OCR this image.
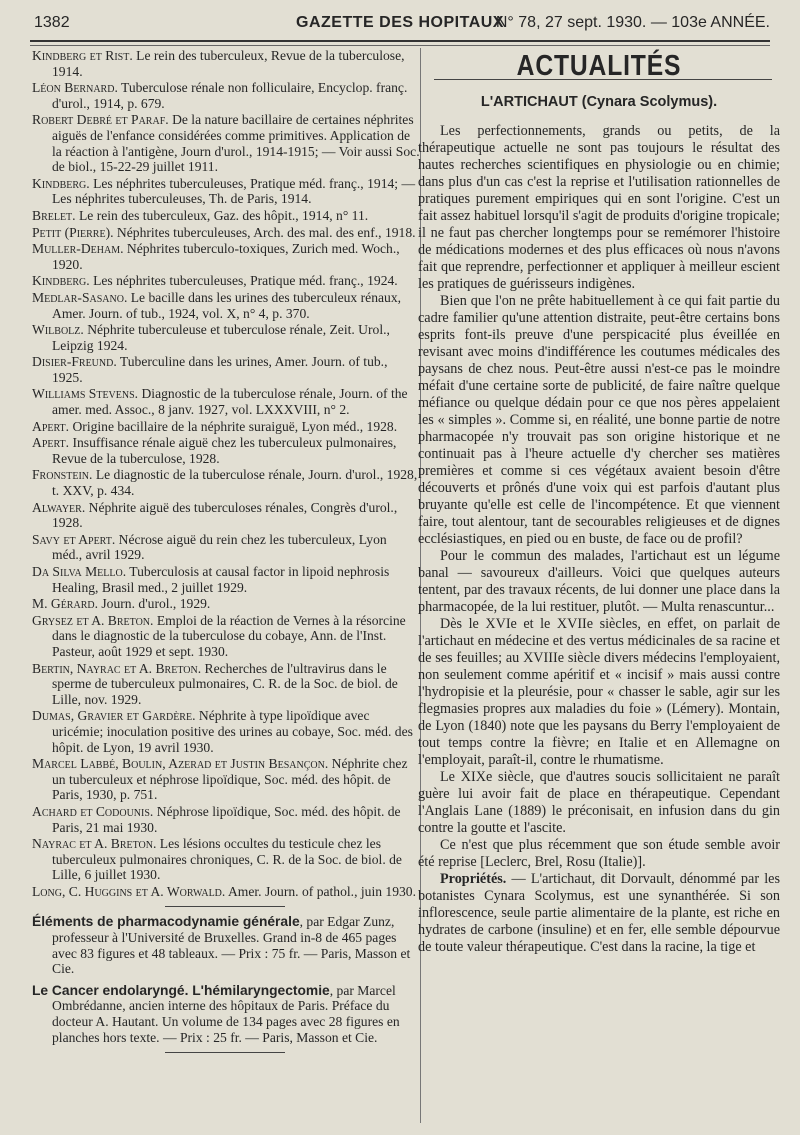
1382	GAZETTE DES HOPITAUX
N° 78, 27 sept. 1930. — 103e ANNÉE.
Kindberg et Rist. Le rein des tuberculeux, Revue de la tuberculose, 1914.
Léon Bernard. Tuberculose rénale non folliculaire, Encyclop. franç. d'urol., 1914, p. 679.
Robert Debré et Paraf. De la nature bacillaire de certaines néphrites aiguës de l'enfance considérées comme primitives. Application de la réaction à l'antigène, Journ d'urol., 1914-1915; — Voir aussi Soc. de biol., 15-22-29 juillet 1911.
Kindberg. Les néphrites tuberculeuses, Pratique méd. franç., 1914; — Les néphrites tuberculeuses, Th. de Paris, 1914.
Brelet. Le rein des tuberculeux, Gaz. des hôpit., 1914, n° 11.
Petit (Pierre). Néphrites tuberculeuses, Arch. des mal. des enf., 1918.
Muller-Deham. Néphrites tuberculo-toxiques, Zurich med. Woch., 1920.
Kindberg. Les néphrites tuberculeuses, Pratique méd. franç., 1924.
Medlar-Sasano. Le bacille dans les urines des tuberculeux rénaux, Amer. Journ. of tub., 1924, vol. X, n° 4, p. 370.
Wilbolz. Néphrite tuberculeuse et tuberculose rénale, Zeit. Urol., Leipzig 1924.
Disier-Freund. Tuberculine dans les urines, Amer. Journ. of tub., 1925.
Williams Stevens. Diagnostic de la tuberculose rénale, Journ. of the amer. med. Assoc., 8 janv. 1927, vol. LXXXVIII, n° 2.
Apert. Origine bacillaire de la néphrite suraiguë, Lyon méd., 1928.
Apert. Insuffisance rénale aiguë chez les tuberculeux pulmonaires, Revue de la tuberculose, 1928.
Fronstein. Le diagnostic de la tuberculose rénale, Journ. d'urol., 1928, t. XXV, p. 434.
Alwayer. Néphrite aiguë des tuberculoses rénales, Congrès d'urol., 1928.
Savy et Apert. Nécrose aiguë du rein chez les tuberculeux, Lyon méd., avril 1929.
Da Silva Mello. Tuberculosis at causal factor in lipoid nephrosis Healing, Brasil med., 2 juillet 1929.
M. Gérard. Journ. d'urol., 1929.
Grysez et A. Breton. Emploi de la réaction de Vernes à la résorcine dans le diagnostic de la tuberculose du cobaye, Ann. de l'Inst. Pasteur, août 1929 et sept. 1930.
Bertin, Nayrac et A. Breton. Recherches de l'ultravirus dans le sperme de tuberculeux pulmonaires, C. R. de la Soc. de biol. de Lille, nov. 1929.
Dumas, Gravier et Gardère. Néphrite à type lipoïdique avec uricémie; inoculation positive des urines au cobaye, Soc. méd. des hôpit. de Lyon, 19 avril 1930.
Marcel Labbé, Boulin, Azerad et Justin Besançon. Néphrite chez un tuberculeux et néphrose lipoïdique, Soc. méd. des hôpit. de Paris, 1930, p. 751.
Achard et Codounis. Néphrose lipoïdique, Soc. méd. des hôpit. de Paris, 21 mai 1930.
Nayrac et A. Breton. Les lésions occultes du testicule chez les tuberculeux pulmonaires chroniques, C. R. de la Soc. de biol. de Lille, 6 juillet 1930.
Long, C. Huggins et A. Worwald. Amer. Journ. of pathol., juin 1930.
Éléments de pharmacodynamie générale, par Edgar Zunz, professeur à l'Université de Bruxelles. Grand in-8 de 465 pages avec 83 figures et 48 tableaux. — Prix : 75 fr. — Paris, Masson et Cie.
Le Cancer endolaryngé. L'hémilaryngectomie, par Marcel Ombrédanne, ancien interne des hôpitaux de Paris. Préface du docteur A. Hautant. Un volume de 134 pages avec 28 figures en planches hors texte. — Prix : 25 fr. — Paris, Masson et Cie.
ACTUALITÉS
L'ARTICHAUT (Cynara Scolymus).

Les perfectionnements, grands ou petits, de la thérapeutique actuelle ne sont pas toujours le résultat des hautes recherches scientifiques en physiologie ou en chimie; dans plus d'un cas c'est la reprise et l'utilisation rationnelles de pratiques purement empiriques qui en sont l'origine. C'est un fait assez habituel lorsqu'il s'agit de produits d'origine tropicale; il ne faut pas chercher longtemps pour se remémorer l'histoire de médications modernes et des plus efficaces où nous n'avons fait que reprendre, perfectionner et appliquer à meilleur escient les pratiques de guérisseurs indigènes.

Bien que l'on ne prête habituellement à ce qui fait partie du cadre familier qu'une attention distraite, peut-être certains bons esprits font-ils preuve d'une perspicacité plus éveillée en revisant avec moins d'indifférence les coutumes médicales des paysans de chez nous. Peut-être aussi n'est-ce pas le moindre méfait d'une certaine sorte de publicité, de faire naître quelque méfiance ou quelque dédain pour ce que nos pères appelaient les « simples ». Comme si, en réalité, une bonne partie de notre pharmacopée n'y trouvait pas son origine historique et ne continuait pas à l'heure actuelle d'y chercher ses matières premières et comme si ces végétaux avaient besoin d'être découverts et prônés d'une voix qui est parfois d'autant plus bruyante qu'elle est celle de l'incompétence. Et que viennent faire, tout alentour, tant de secourables religieuses et de dignes ecclésiastiques, en pied ou en buste, de face ou de profil?

Pour le commun des malades, l'artichaut est un légume banal — savoureux d'ailleurs. Voici que quelques auteurs tentent, par des travaux récents, de lui donner une place dans la pharmacopée, de la lui restituer, plutôt. — Multa renascuntur...

Dès le XVIe et le XVIIe siècles, en effet, on parlait de l'artichaut en médecine et des vertus médicinales de sa racine et de ses feuilles; au XVIIIe siècle divers médecins l'employaient, non seulement comme apéritif et « incisif » mais aussi contre l'hydropisie et la pleurésie, pour « chasser le sable, agir sur les flegmasies propres aux maladies du foie » (Lémery). Montain, de Lyon (1840) note que les paysans du Berry l'employaient de tout temps contre la fièvre; en Italie et en Allemagne on l'employait, paraît-il, contre le rhumatisme.

Le XIXe siècle, que d'autres soucis sollicitaient ne paraît guère lui avoir fait de place en thérapeutique. Cependant l'Anglais Lane (1889) le préconisait, en infusion dans du gin contre la goutte et l'ascite.

Ce n'est que plus récemment que son étude semble avoir été reprise [Leclerc, Brel, Rosu (Italie)].

Propriétés. — L'artichaut, dit Dorvault, dénommé par les botanistes Cynara Scolymus, est une synanthérée. Si son inflorescence, seule partie alimentaire de la plante, est riche en hydrates de carbone (insuline) et en fer, elle semble dépourvue de toute valeur thérapeutique. C'est dans la racine, la tige et
